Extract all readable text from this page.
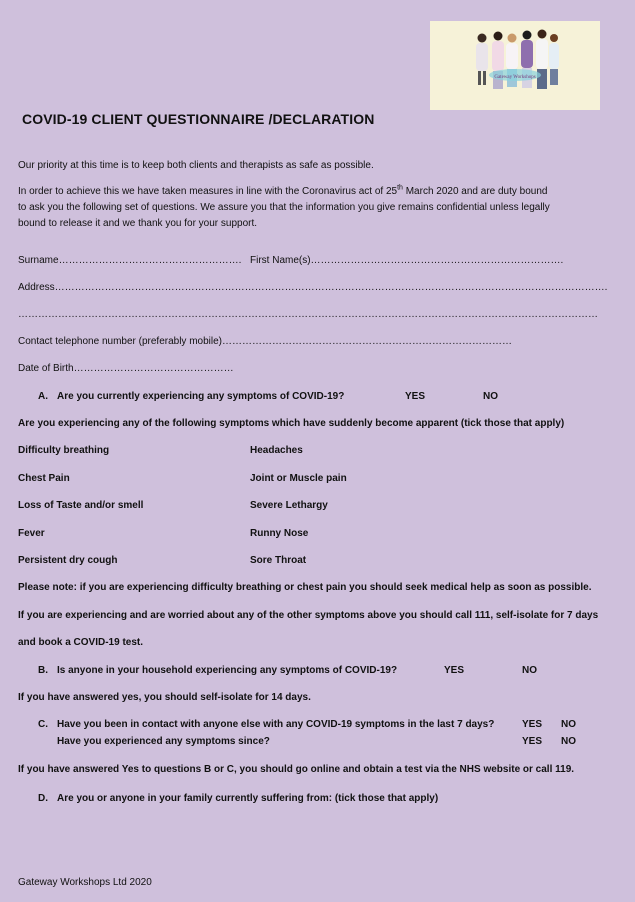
Gateway Workshops
COVID-19 CLIENT QUESTIONNAIRE /DECLARATION
Our priority at this time is to keep both clients and therapists as safe as possible.
In order to achieve this we have taken measures in line with the Coronavirus act of 25th March 2020 and are duty bound
to ask you the following set of questions. We assure you that the information you give remains confidential unless legally
bound to release it and we thank you for your support.
Surname………………………………………………. First Name(s)………………………………………………………………….
Address………………………………………………………………………………………………………………………………………………….
…………………………………………………………………………………………………………………………………………………………
Contact telephone number (preferably mobile)……………………………………………………………………………
Date of Birth…………………………………………
A. Are you currently experiencing any symptoms of COVID-19?	YES	NO
Are you experiencing any of the following symptoms which have suddenly become apparent (tick those that apply)
Difficulty breathing	Headaches
Chest Pain	Joint or Muscle pain
Loss of Taste and/or smell	Severe Lethargy
Fever	Runny Nose
Persistent dry cough	Sore Throat
Please note: if you are experiencing difficulty breathing or chest pain you should seek medical help as soon as possible.
If you are experiencing and are worried about any of the other symptoms above you should call 111, self-isolate for 7 days
and book a COVID-19 test.
B. Is anyone in your household experiencing any symptoms of COVID-19?	YES	NO
If you have answered yes, you should self-isolate for 14 days.
C. Have you been in contact with anyone else with any COVID-19 symptoms in the last 7 days?	YES NO
Have you experienced any symptoms since?	YES NO
If you have answered Yes to questions B or C, you should go online and obtain a test via the NHS website or call 119.
D. Are you or anyone in your family currently suffering from: (tick those that apply)
Gateway Workshops Ltd 2020
